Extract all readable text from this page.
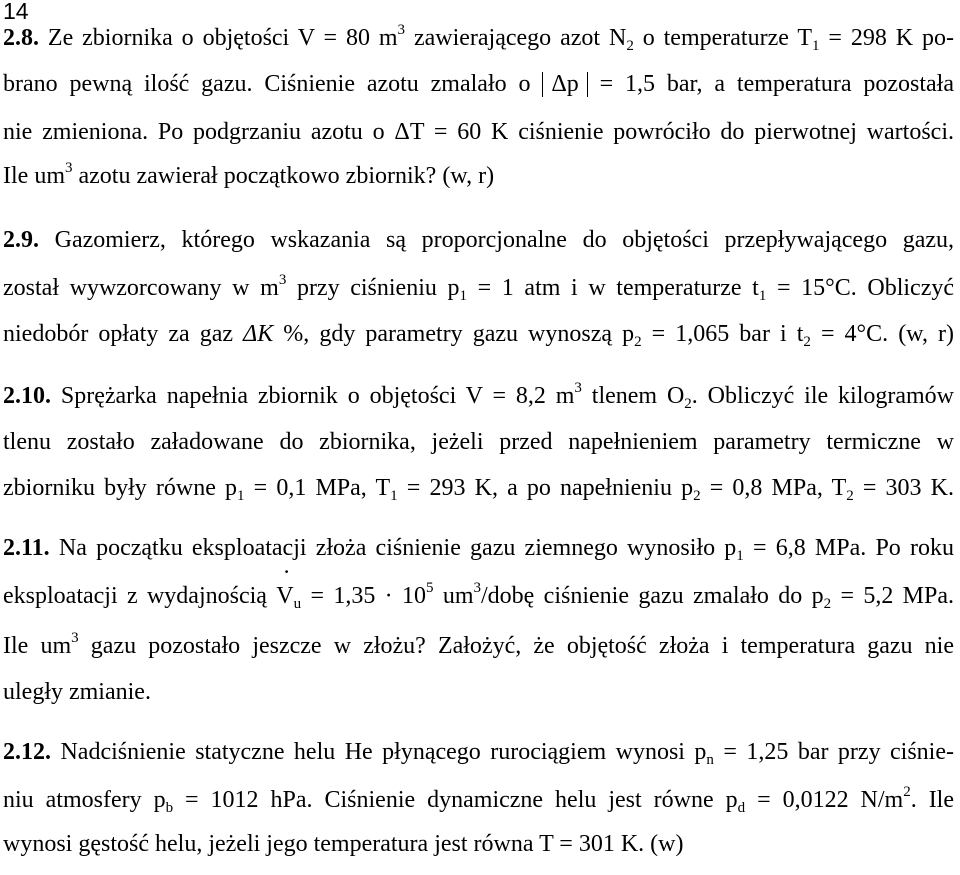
14
2.8. Ze zbiornika o objętości V = 80 $m^3$ zawierającego azot $N_2$ o temperaturze $T_1 = 298$ K po-
brano pewną ilość gazu. Ciśnienie azotu zmalało o Δp = 1,5 bar, a temperatura pozostała
nie zmieniona. Po podgrzaniu azotu o ΔT = 60 K ciśnienie powróciło do pierwotnej wartości.
Ile $um^3$ azotu zawierał początkowo zbiornik? (w, r)
2.9. Gazomierz, którego wskazania są proporcjonalne do objętości przepływającego gazu,
został wywzorcowany w $m^3$ przy ciśnieniu $p_1 = 1$ atm i w temperaturze $t_1 = 15^\circ C$. Obliczyć
niedobór opłaty za gaz ΔK %, gdy parametry gazu wynoszą $p_2 = 1,065$ bar i $t_2 = 4^\circ C$. (w, r)
2.10. Sprężarka napełnia zbiornik o objętości V = 8,2 $m^3$ tlenem $O_2$. Obliczyć ile kilogramów
tlenu zostało załadowane do zbiornika, jeżeli przed napełnieniem parametry termiczne w
zbiorniku były równe $p_1 = 0,1$ MPa, $T_1 = 293$ K, a po napełnieniu $p_2 = 0,8$ MPa, $T_2 = 303$ K.
2.11. Na początku eksploatacji złoża ciśnienie gazu ziemnego wynosiło $p_1 = 6,8$ MPa. Po roku
eksploatacji z wydajnością ˙ $V_u = 1,35 \cdot 10^5$ $um^3$/dobę ciśnienie gazu zmalało do $p_2 = 5,2$ MPa.
Ile $um^3$ gazu pozostało jeszcze w złożu? Założyć, że objętość złoża i temperatura gazu nie
uległy zmianie.
2.12. Nadciśnienie statyczne helu He płynącego rurociągiem wynosi $p_n = 1,25$ bar przy ciśnie-
niu atmosfery $p_b = 1012$ hPa. Ciśnienie dynamiczne helu jest równe $p_d = 0,0122$ $N/m^2$. Ile
wynosi gęstość helu, jeżeli jego temperatura jest równa T = 301 K. (w)
